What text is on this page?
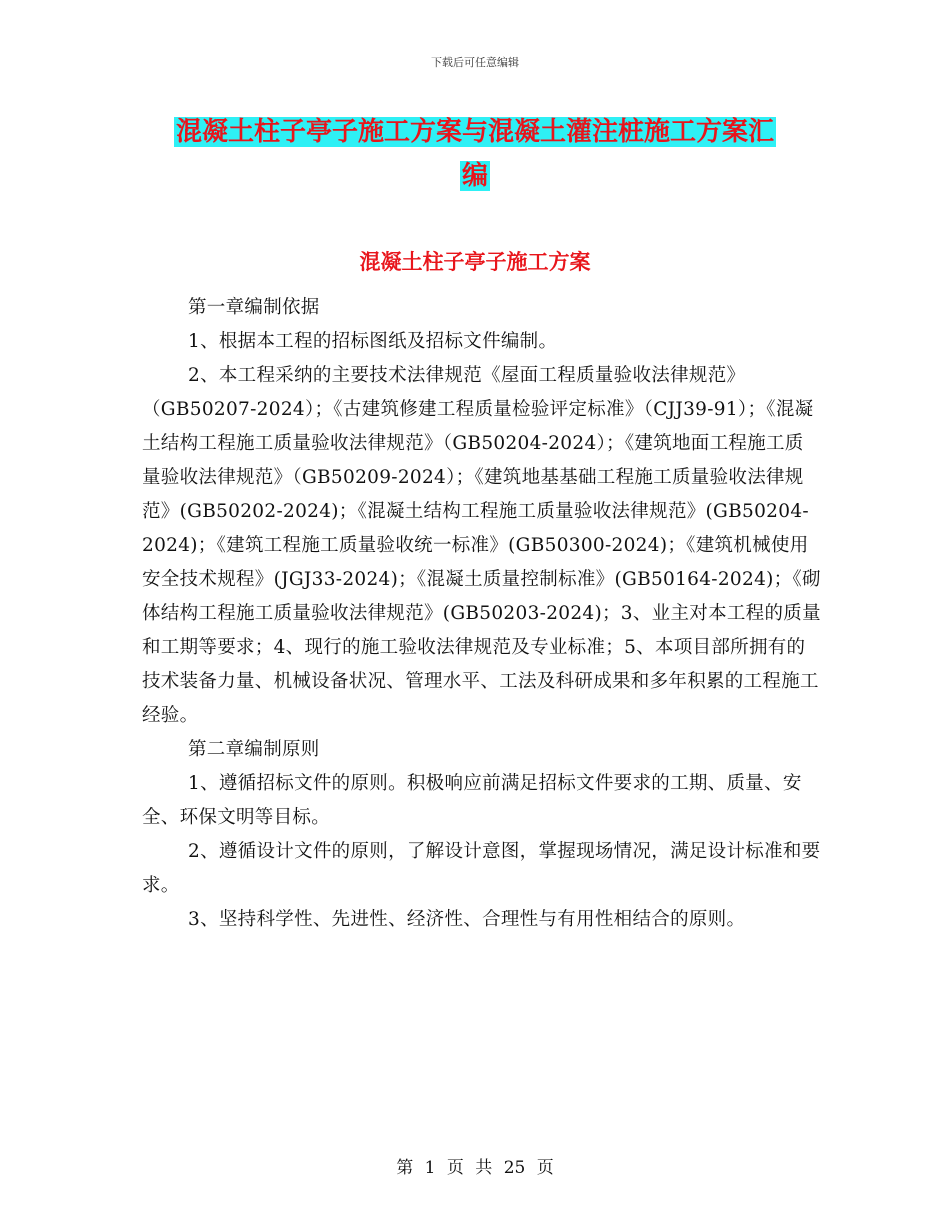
下载后可任意编辑
混凝土柱子亭子施工方案与混凝土灌注桩施工方案汇
编
混凝土柱子亭子施工方案

第一章编制依据

1、根据本工程的招标图纸及招标文件编制。

2、本工程采纳的主要技术法律规范《屋面工程质量验收法律规范》（GB50207-2024）；《古建筑修建工程质量检验评定标准》（CJJ39-91）；《混凝土结构工程施工质量验收法律规范》（GB50204-2024）；《建筑地面工程施工质量验收法律规范》（GB50209-2024）；《建筑地基基础工程施工质量验收法律规范》(GB50202-2024)；《混凝土结构工程施工质量验收法律规范》(GB50204-2024)；《建筑工程施工质量验收统一标准》(GB50300-2024)；《建筑机械使用安全技术规程》(JGJ33-2024)；《混凝土质量控制标准》(GB50164-2024)；《砌体结构工程施工质量验收法律规范》(GB50203-2024)；3、业主对本工程的质量和工期等要求；4、现行的施工验收法律规范及专业标准；5、本项目部所拥有的技术装备力量、机械设备状况、管理水平、工法及科研成果和多年积累的工程施工经验。

第二章编制原则

1、遵循招标文件的原则。积极响应前满足招标文件要求的工期、质量、安全、环保文明等目标。

2、遵循设计文件的原则，了解设计意图，掌握现场情况，满足设计标准和要求。

3、坚持科学性、先进性、经济性、合理性与有用性相结合的原则。

第 1 页 共 25 页
